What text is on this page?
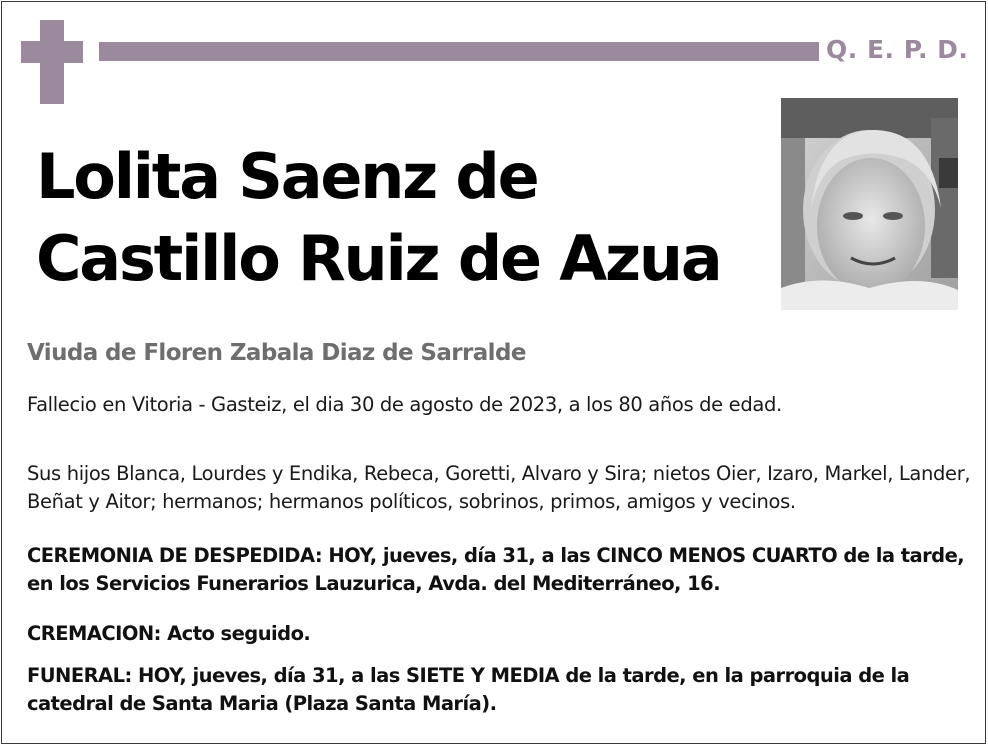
Q. E. P. D.
Lolita Saenz de
Castillo Ruiz de Azua
Viuda de Floren Zabala Diaz de Sarralde
Fallecio en Vitoria - Gasteiz, el dia 30 de agosto de 2023, a los 80 años de edad.
Sus hijos Blanca, Lourdes y Endika, Rebeca, Goretti, Alvaro y Sira; nietos Oier, Izaro, Markel, Lander, Beñat y Aitor; hermanos; hermanos políticos, sobrinos, primos, amigos y vecinos.
CEREMONIA DE DESPEDIDA: HOY, jueves, día 31, a las CINCO MENOS CUARTO de la tarde, en los Servicios Funerarios Lauzurica, Avda. del Mediterráneo, 16.
CREMACION: Acto seguido.
FUNERAL: HOY, jueves, día 31, a las SIETE Y MEDIA de la tarde, en la parroquia de la catedral de Santa Maria (Plaza Santa María).
